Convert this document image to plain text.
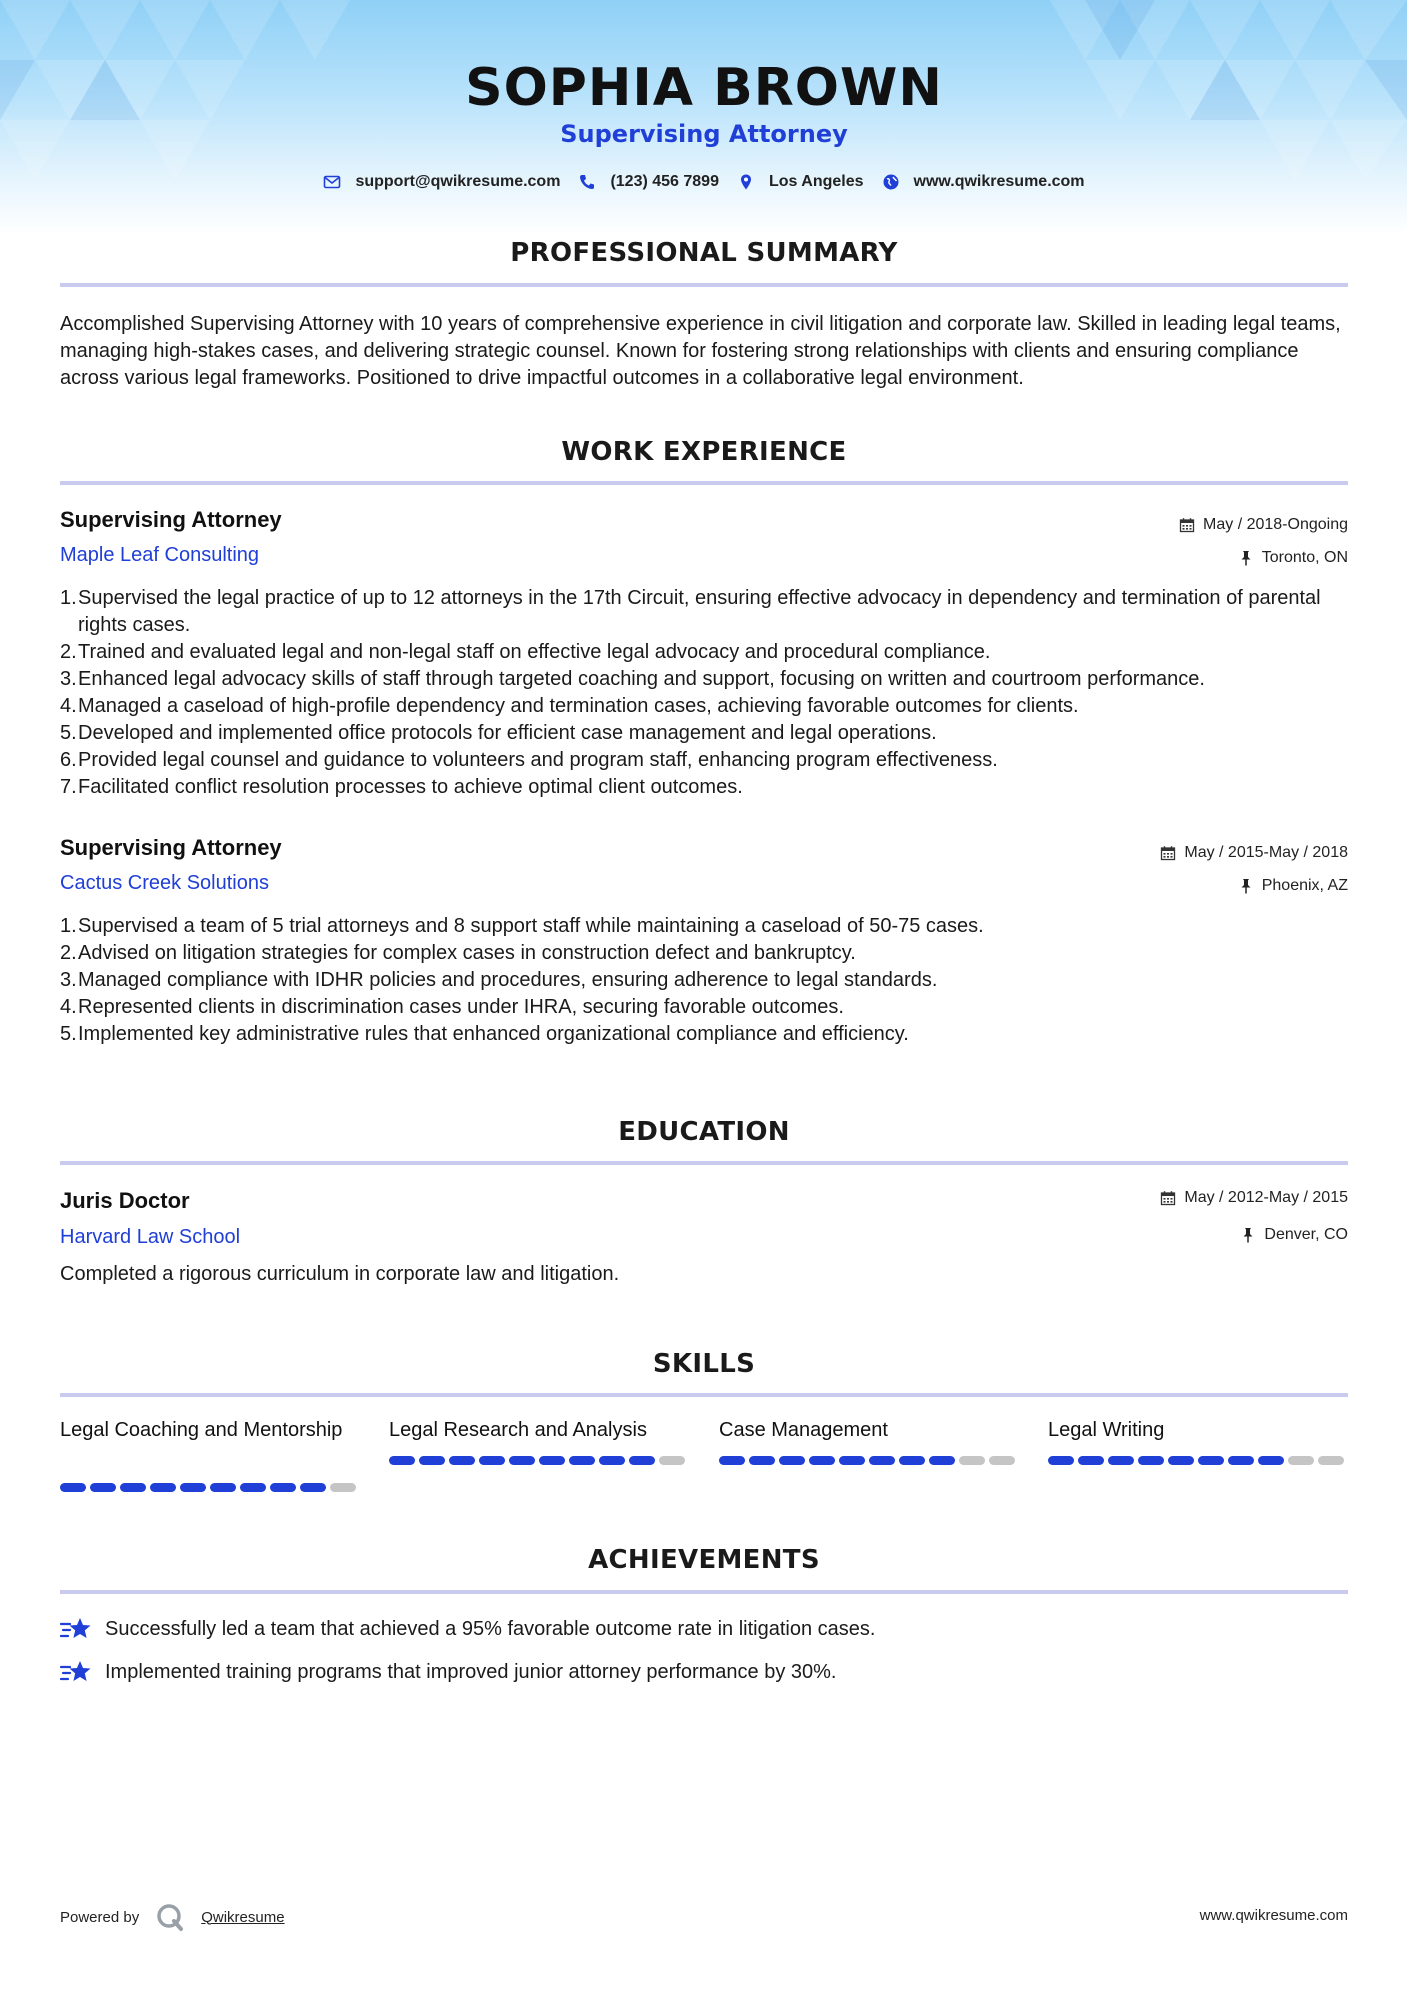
SOPHIA BROWN
Supervising Attorney
support@qwikresume.com	(123) 456 7899	Los Angeles	www.qwikresume.com
PROFESSIONAL SUMMARY
Accomplished Supervising Attorney with 10 years of comprehensive experience in civil litigation and corporate law. Skilled in leading legal teams, managing high-stakes cases, and delivering strategic counsel. Known for fostering strong relationships with clients and ensuring compliance across various legal frameworks. Positioned to drive impactful outcomes in a collaborative legal environment.
WORK EXPERIENCE
Supervising Attorney	May / 2018-Ongoing
Maple Leaf Consulting	Toronto, ON
1. Supervised the legal practice of up to 12 attorneys in the 17th Circuit, ensuring effective advocacy in dependency and termination of parental rights cases.
2. Trained and evaluated legal and non-legal staff on effective legal advocacy and procedural compliance.
3. Enhanced legal advocacy skills of staff through targeted coaching and support, focusing on written and courtroom performance.
4. Managed a caseload of high-profile dependency and termination cases, achieving favorable outcomes for clients.
5. Developed and implemented office protocols for efficient case management and legal operations.
6. Provided legal counsel and guidance to volunteers and program staff, enhancing program effectiveness.
7. Facilitated conflict resolution processes to achieve optimal client outcomes.
Supervising Attorney	May / 2015-May / 2018
Cactus Creek Solutions	Phoenix, AZ
1. Supervised a team of 5 trial attorneys and 8 support staff while maintaining a caseload of 50-75 cases.
2. Advised on litigation strategies for complex cases in construction defect and bankruptcy.
3. Managed compliance with IDHR policies and procedures, ensuring adherence to legal standards.
4. Represented clients in discrimination cases under IHRA, securing favorable outcomes.
5. Implemented key administrative rules that enhanced organizational compliance and efficiency.
EDUCATION
Juris Doctor	May / 2012-May / 2015
Harvard Law School	Denver, CO
Completed a rigorous curriculum in corporate law and litigation.
SKILLS
Legal Coaching and Mentorship	Legal Research and Analysis	Case Management	Legal Writing
ACHIEVEMENTS
Successfully led a team that achieved a 95% favorable outcome rate in litigation cases.
Implemented training programs that improved junior attorney performance by 30%.
Powered by	Qwikresume	www.qwikresume.com
